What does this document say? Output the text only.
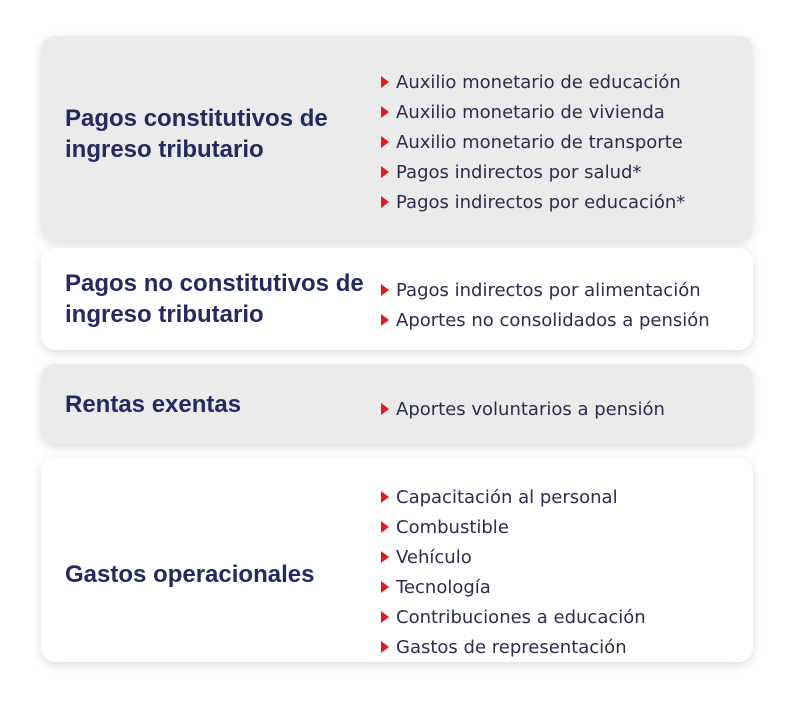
Pagos constitutivos de ingreso tributario
Auxilio monetario de educación
Auxilio monetario de vivienda
Auxilio monetario de transporte
Pagos indirectos por salud*
Pagos indirectos por educación*
Pagos no constitutivos de ingreso tributario
Pagos indirectos por alimentación
Aportes no consolidados a pensión
Rentas exentas	Aportes voluntarios a pensión
Gastos operacionales
Capacitación al personal
Combustible
Vehículo
Tecnología
Contribuciones a educación
Gastos de representación
